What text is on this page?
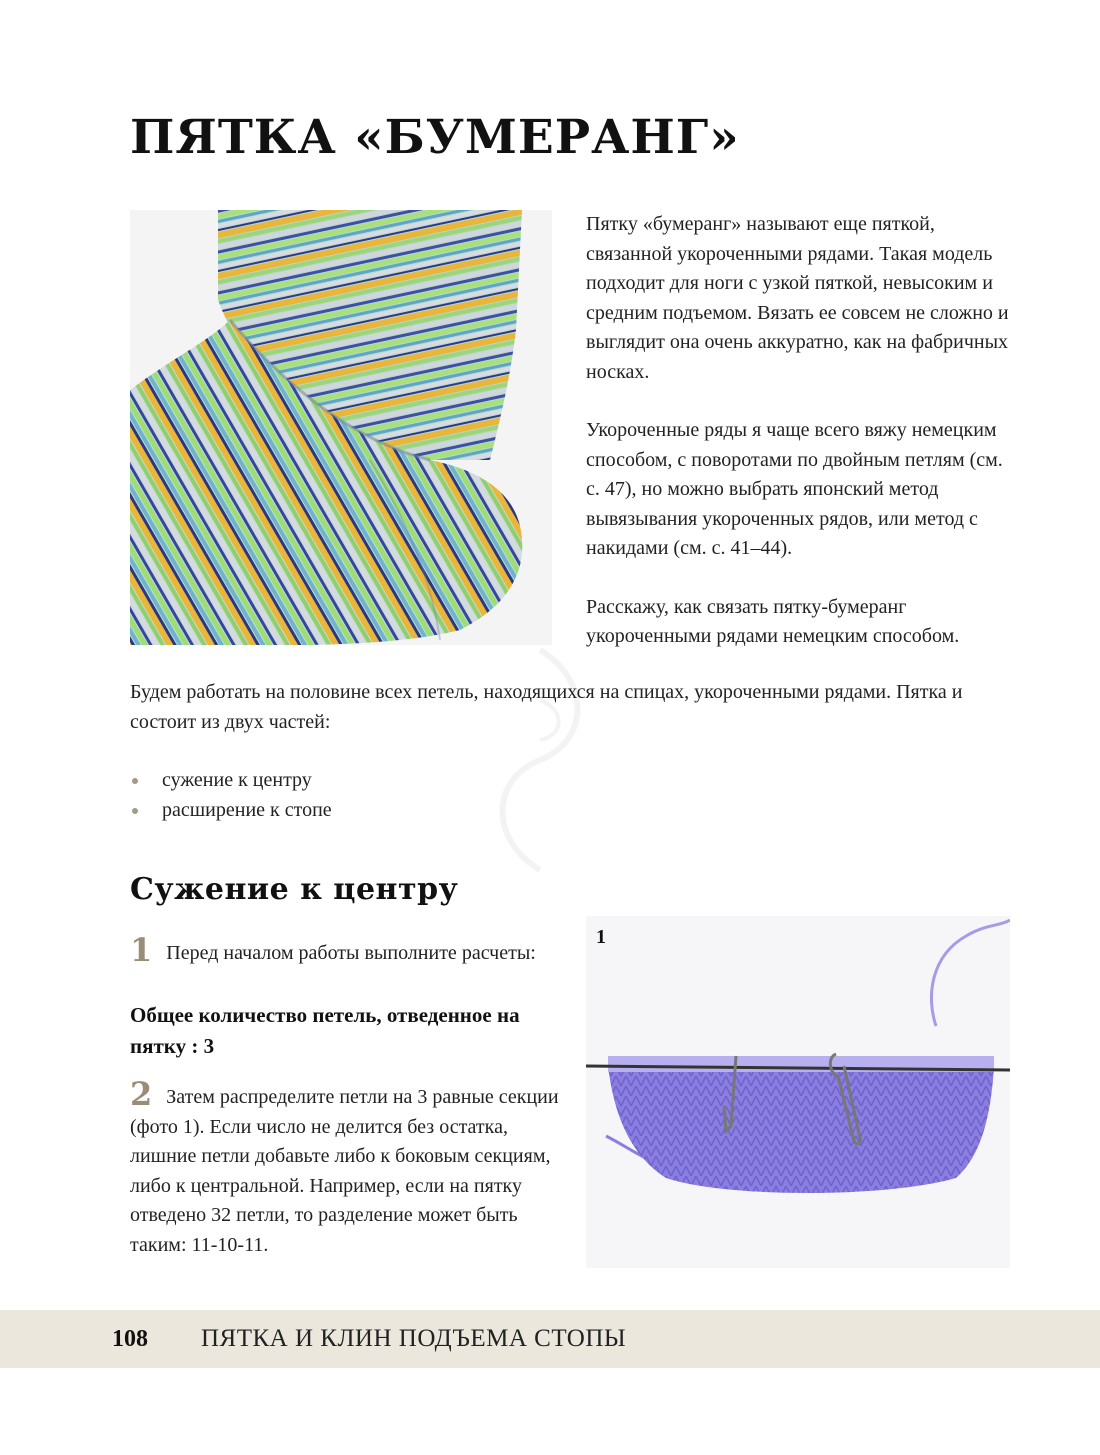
ПЯТКА «БУМЕРАНГ»

Пятку «бумеранг» называют еще пяткой, связанной укороченными рядами. Такая модель подходит для ноги с узкой пяткой, невысоким и средним подъемом. Вязать ее совсем не сложно и выглядит она очень аккуратно, как на фабричных носках.

Укороченные ряды я чаще всего вяжу немецким способом, с поворотами по двойным петлям (см. с. 47), но можно выбрать японский метод вывязывания укороченных рядов, или метод с накидами (см. с. 41–44).

Расскажу, как связать пятку-бумеранг укороченными рядами немецким способом.

Будем работать на половине всех петель, находящихся на спицах, укороченными рядами. Пятка и состоит из двух частей:

сужение к центру
расширение к стопе
Сужение к центру
1 Перед началом работы выполните расчеты:
Общее количество петель, отведенное на пятку : 3
2 Затем распределите петли на 3 равные секции (фото 1). Если число не делится без остатка, лишние петли добавьте либо к боковым секциям, либо к центральной. Например, если на пятку отведено 32 петли, то разделение может быть таким: 11-10-11.
1
108 ПЯТКА И КЛИН ПОДЪЕМА СТОПЫ
